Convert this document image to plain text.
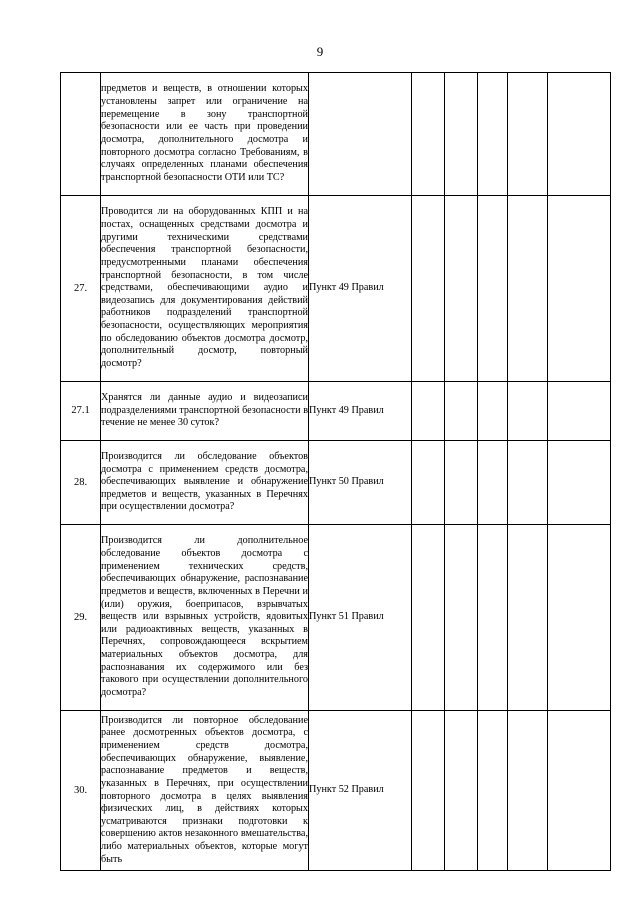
9

	предметов и веществ, в отношении которых установлены запрет или ограничение на перемещение в зону транспортной безопасности или ее часть при проведении досмотра, дополнительного досмотра и повторного досмотра согласно Требованиям, в случаях определенных планами обеспечения транспортной безопасности ОТИ или ТС?						

27.	Проводится ли на оборудованных КПП и на постах, оснащенных средствами досмотра и другими техническими средствами обеспечения транспортной безопасности, предусмотренными планами обеспечения транспортной безопасности, в том числе средствами, обеспечивающими аудио и видеозапись для документирования действий работников подразделений транспортной безопасности, осуществляющих мероприятия по обследованию объектов досмотра досмотр, дополнительный досмотр, повторный досмотр?	Пункт 49 Правил					
27.1	Хранятся ли данные аудио и видеозаписи подразделениями транспортной безопасности в течение не менее 30 суток?	Пункт 49 Правил					
28.	Производится ли обследование объектов досмотра с применением средств досмотра, обеспечивающих выявление и обнаружение предметов и веществ, указанных в Перечнях при осуществлении досмотра?	Пункт 50 Правил					
29.	Производится ли дополнительное обследование объектов досмотра с применением технических средств, обеспечивающих обнаружение, распознавание предметов и веществ, включенных в Перечни и (или) оружия, боеприпасов, взрывчатых веществ или взрывных устройств, ядовитых или радиоактивных веществ, указанных в Перечнях, сопровождающееся вскрытием материальных объектов досмотра, для распознавания их содержимого или без такового при осуществлении дополнительного досмотра?	Пункт 51 Правил					
30.	Производится ли повторное обследование ранее досмотренных объектов досмотра, с применением средств досмотра, обеспечивающих обнаружение, выявление, распознавание предметов и веществ, указанных в Перечнях, при осуществлении повторного досмотра в целях выявления физических лиц, в действиях которых усматриваются признаки подготовки к совершению актов незаконного вмешательства, либо материальных объектов, которые могут быть	Пункт 52 Правил					
